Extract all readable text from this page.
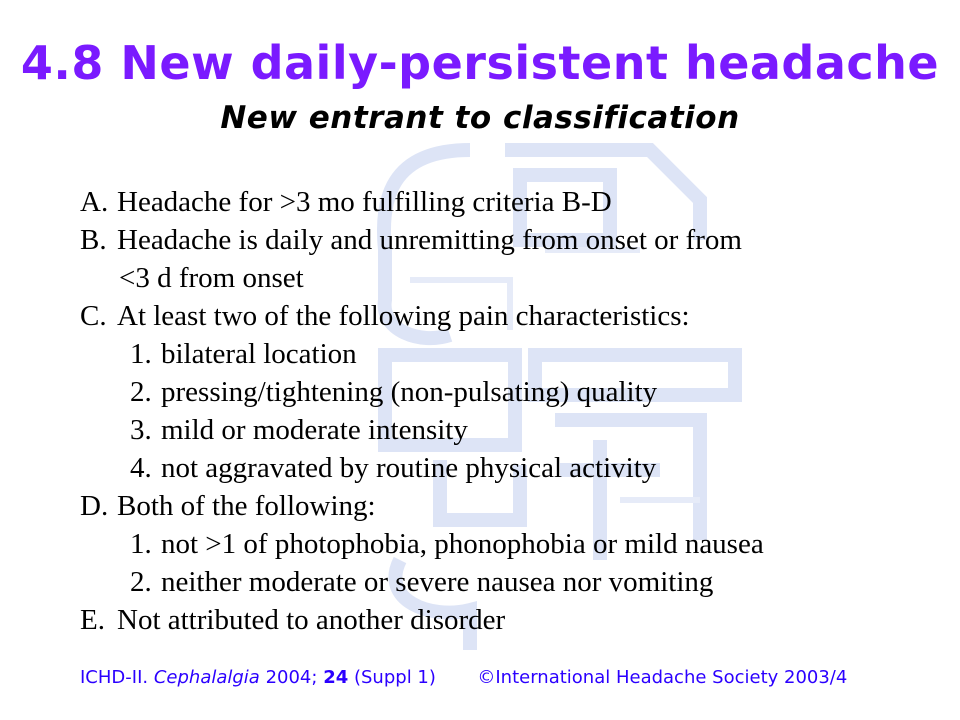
4.8 New daily-persistent headache
New entrant to classification
A. Headache for >3 mo fulfilling criteria B-D
B. Headache is daily and unremitting from onset or from
<3 d from onset
C. At least two of the following pain characteristics:
1. bilateral location
2. pressing/tightening (non-pulsating) quality
3. mild or moderate intensity
4. not aggravated by routine physical activity
D. Both of the following:
1. not >1 of photophobia, phonophobia or mild nausea
2. neither moderate or severe nausea nor vomiting
E. Not attributed to another disorder
ICHD-II. Cephalalgia 2004; 24 (Suppl 1) ©International Headache Society 2003/4
